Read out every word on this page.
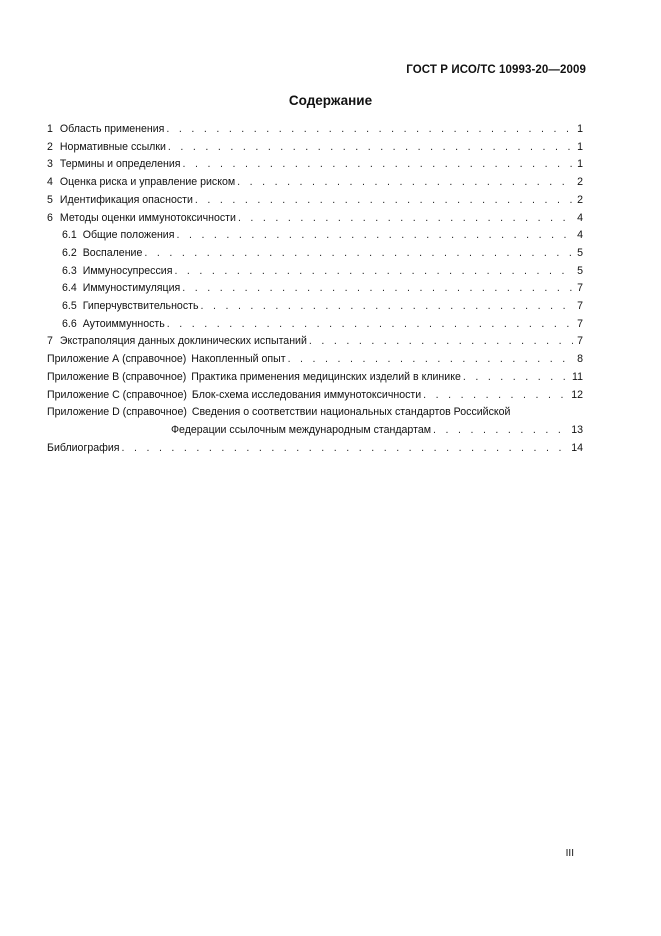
ГОСТ Р ИСО/ТС 10993-20—2009
Содержание
1 Область применения . . .	1
2 Нормативные ссылки . . .	1
3 Термины и определения . . .	1
4 Оценка риска и управление риском . . .	2
5 Идентификация опасности . . .	2
6 Методы оценки иммунотоксичности . . .	4
6.1 Общие положения . . .	4
6.2 Воспаление . . .	5
6.3 Иммуносупрессия . . .	5
6.4 Иммуностимуляция . . .	7
6.5 Гиперчувствительность . . .	7
6.6 Аутоиммунность . . .	7
7 Экстраполяция данных доклинических испытаний . . .	7
Приложение А (справочное) Накопленный опыт . . .	8
Приложение В (справочное) Практика применения медицинских изделий в клинике . . .	11
Приложение С (справочное) Блок-схема исследования иммунотоксичности . . .	12
Приложение D (справочное) Сведения о соответствии национальных стандартов Российской
Федерации ссылочным международным стандартам . . .	13
Библиография . . .	14
III
